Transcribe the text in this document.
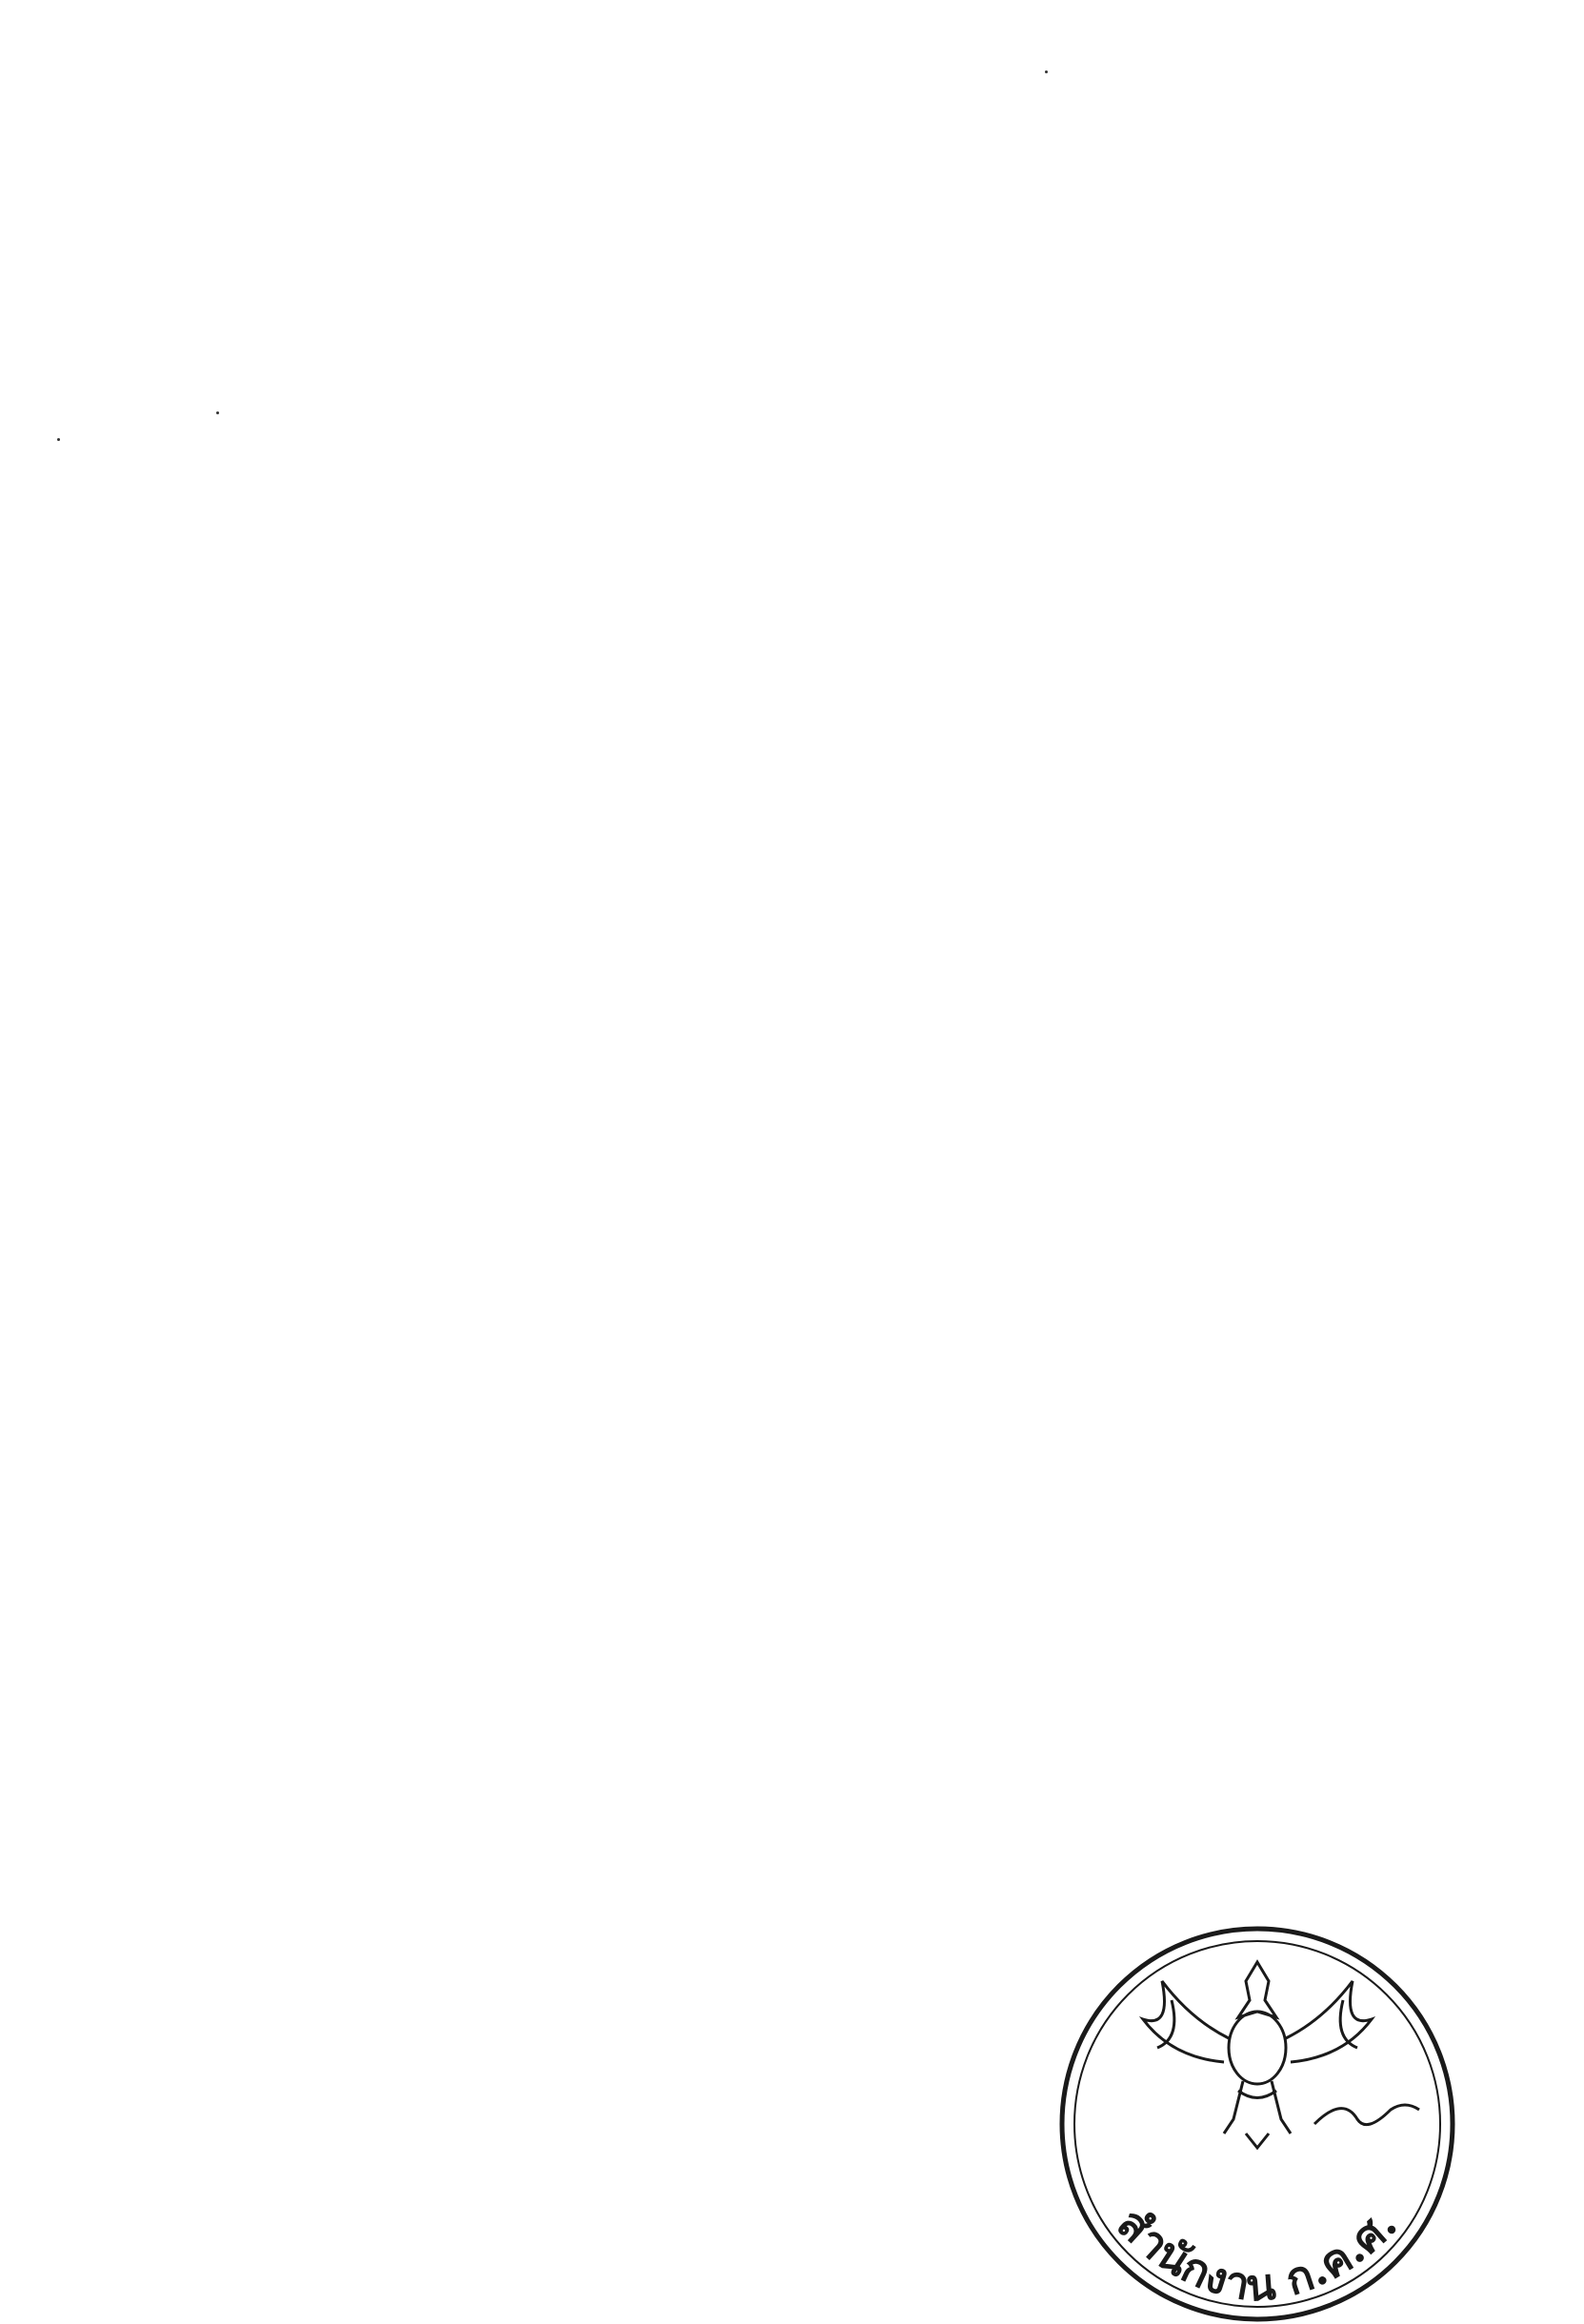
สำนักงาน ก.ค.ศ.
